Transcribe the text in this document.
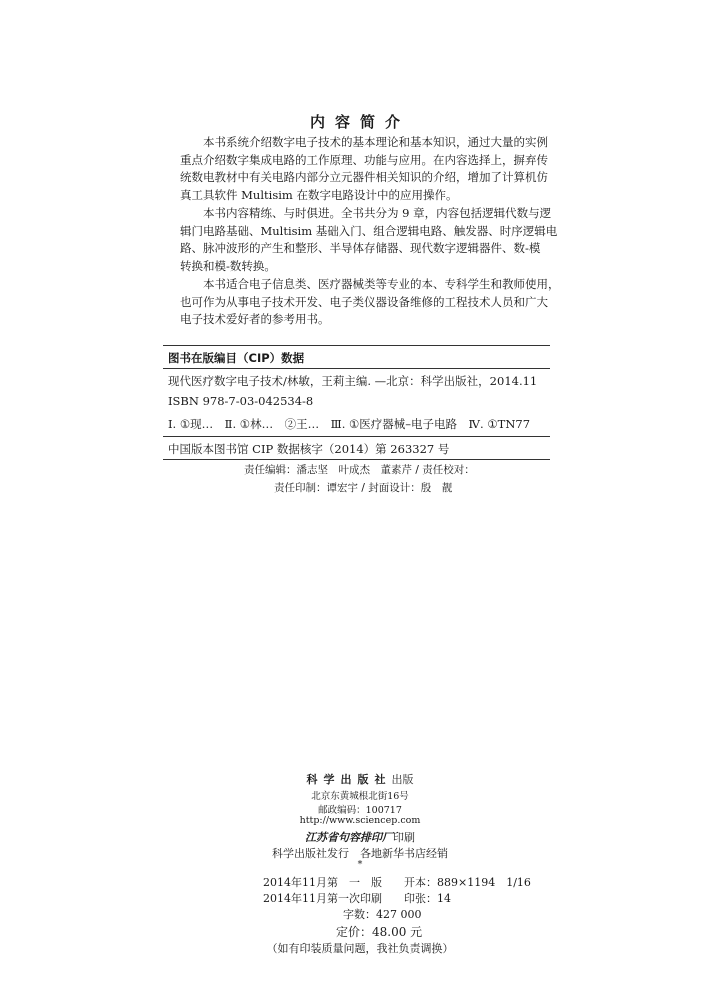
内容简介

本书系统介绍数字电子技术的基本理论和基本知识，通过大量的实例

重点介绍数字集成电路的工作原理、功能与应用。在内容选择上，摒弃传

统数电教材中有关电路内部分立元器件相关知识的介绍，增加了计算机仿

真工具软件 Multisim 在数字电路设计中的应用操作。

本书内容精练、与时俱进。全书共分为 9 章，内容包括逻辑代数与逻

辑门电路基础、Multisim 基础入门、组合逻辑电路、触发器、时序逻辑电

路、脉冲波形的产生和整形、半导体存储器、现代数字逻辑器件、数-模

转换和模-数转换。

本书适合电子信息类、医疗器械类等专业的本、专科学生和教师使用，

也可作为从事电子技术开发、电子类仪器设备维修的工程技术人员和广大

电子技术爱好者的参考用书。

图书在版编目（CIP）数据
现代医疗数字电子技术/林敏，王莉主编. —北京：科学出版社，2014.11
ISBN 978-7-03-042534-8
Ⅰ. ①现…　Ⅱ. ①林…　②王…　Ⅲ. ①医疗器械–电子电路　Ⅳ. ①TN77
中国版本图书馆 CIP 数据核字（2014）第 263327 号
责任编辑：潘志坚　叶成杰　董素芹 / 责任校对：
责任印制：谭宏宇 / 封面设计：殷　靓
科学出版社出版
北京东黄城根北街16号
邮政编码：100717
http://www.sciencep.com
江苏省句容排印厂印刷
科学出版社发行　各地新华书店经销
*
2014年11月第　一　版　　开本：889×1194　1/16
2014年11月第一次印刷　　印张：14
字数：427 000
定价：48.00 元
（如有印装质量问题，我社负责调换）
